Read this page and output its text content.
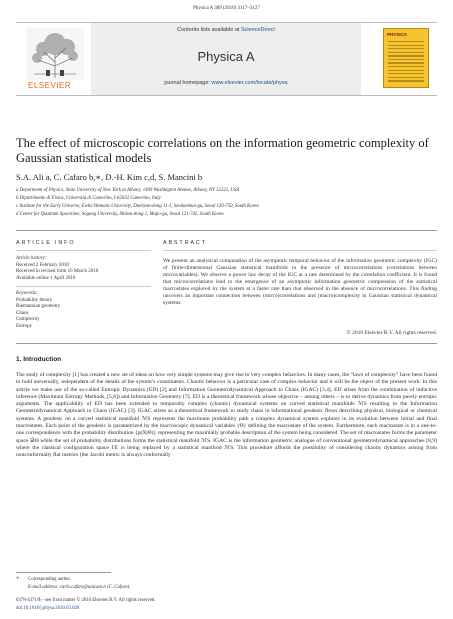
Physica A 389 (2010) 3117–3127
ELSEVIER
Contents lists available at ScienceDirect
Physica A
journal homepage: www.elsevier.com/locate/physa
PHYSICA
The effect of microscopic correlations on the information geometric complexity of Gaussian statistical models
S.A. Ali a, C. Cafaro b,∗, D.-H. Kim c,d, S. Mancini b
a Department of Physics, State University of New York at Albany, 1400 Washington Avenue, Albany, NY 12222, USA
b Dipartimento di Fisica, Università di Camerino, I-62032 Camerino, Italy
c Institute for the Early Universe, Ewha Womans University, Daehyun-dong 11-1, Seodaemun-gu, Seoul 120-750, South Korea
d Center for Quantum Spacetime, Sogang University, Shinsu-dong 1, Mapo-gu, Seoul 121-742, South Korea
ARTICLE INFO
Article history:
Received 2 February 2010
Received in revised form 16 March 2010
Available online 1 April 2010
Keywords:
Probability theory
Riemannian geometry
Chaos
Complexity
Entropy
ABSTRACT
We present an analytical computation of the asymptotic temporal behavior of the information geometric complexity (IGC) of finite-dimensional Gaussian statistical manifolds in the presence of microcorrelations (correlations between microvariables). We observe a power law decay of the IGC at a rate determined by the correlation coefficient. It is found that microcorrelations lead to the emergence of an asymptotic information geometric compression of the statistical macrostates explored by the system at a faster rate than that observed in the absence of microcorrelations. This finding uncovers an important connection between (micro)correlations and (macro)complexity in Gaussian statistical dynamical systems.
© 2010 Elsevier B.V. All rights reserved.
1. Introduction
The study of complexity [1] has created a new set of ideas on how very simple systems may give rise to very complex behaviors. In many cases, the “laws of complexity” have been found to hold universally, independent of the details of the system’s constituents. Chaotic behavior is a particular case of complex behavior and it will be the object of the present work. In this article we make use of the so-called Entropic Dynamics (ED) [2] and Information Geometrodynamical Approach to Chaos (IGAC) [3,4]. ED arises from the combination of inductive inference (Maximum Entropy Methods, [5,6]) and Information Geometry [7]. ED is a theoretical framework whose objective – among others – is to derive dynamics from purely entropic arguments. The applicability of ED has been extended to temporally complex (chaotic) dynamical systems on curved statistical manifolds ℳS resulting in the Information Geometrodynamical Approach to Chaos (IGAC) [3]. IGAC arises as a theoretical framework to study chaos in informational geodesic flows describing physical, biological or chemical systems. A geodesic on a curved statistical manifold ℳS represents the maximum probability path a complex dynamical system explores in its evolution between initial and final macrostates. Each point of the geodesic is parametrized by the macroscopic dynamical variables {Θ} defining the macrostate of the system. Furthermore, each macrostate is in a one-to-one correspondence with the probability distribution {p(X|Θ)} representing the maximally probable description of the system being considered. The set of macrostates forms the parameter space 𝒟Θ while the set of probability distributions forms the statistical manifold ℳS. IGAC is the information geometric analogue of conventional geometrodynamical approaches [8,9] where the classical configuration space ΓE is being replaced by a statistical manifold ℳS. This procedure affords the possibility of considering chaotic dynamics arising from nonconformally flat metrics (the Jacobi metric is always conformally
∗ Corresponding author.
E-mail address: carlo.cafaro@unicam.it (C. Cafaro).
0378-4371/$ – see front matter © 2010 Elsevier B.V. All rights reserved.
doi:10.1016/j.physa.2010.03.028
